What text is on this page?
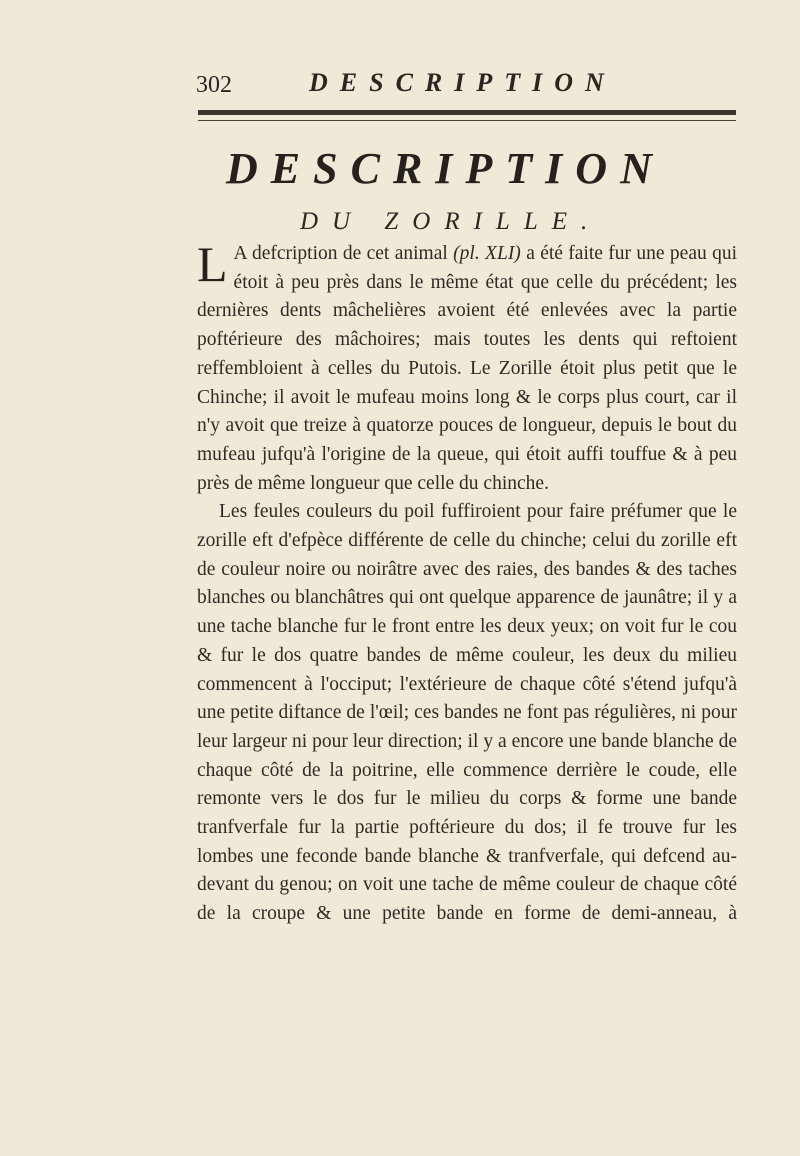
302	DESCRIPTION
DESCRIPTION
DU ZORILLE.

L A defcription de cet animal (pl. XLI) a été faite fur une peau qui étoit à peu près dans le même état que celle du précédent; les dernières dents mâchelières avoient été enlevées avec la partie poftérieure des mâchoires; mais toutes les dents qui reftoient reffembloient à celles du Putois. Le Zorille étoit plus petit que le Chinche; il avoit le mufeau moins long & le corps plus court, car il n'y avoit que treize à quatorze pouces de longueur, depuis le bout du mufeau jufqu'à l'origine de la queue, qui étoit auffi touffue & à peu près de même longueur que celle du chinche.

Les feules couleurs du poil fuffiroient pour faire préfumer que le zorille eft d'efpèce différente de celle du chinche; celui du zorille eft de couleur noire ou noirâtre avec des raies, des bandes & des taches blanches ou blanchâtres qui ont quelque apparence de jaunâtre; il y a une tache blanche fur le front entre les deux yeux; on voit fur le cou & fur le dos quatre bandes de même couleur, les deux du milieu commencent à l'occiput; l'extérieure de chaque côté s'étend jufqu'à une petite diftance de l'œil; ces bandes ne font pas régulières, ni pour leur largeur ni pour leur direction; il y a encore une bande blanche de chaque côté de la poitrine, elle commence derrière le coude, elle remonte vers le dos fur le milieu du corps & forme une bande tranfverfale fur la partie poftérieure du dos; il fe trouve fur les lombes une feconde bande blanche & tranfverfale, qui defcend au-devant du genou; on voit une tache de même couleur de chaque côté de la croupe & une petite bande en forme de demi-anneau, à
